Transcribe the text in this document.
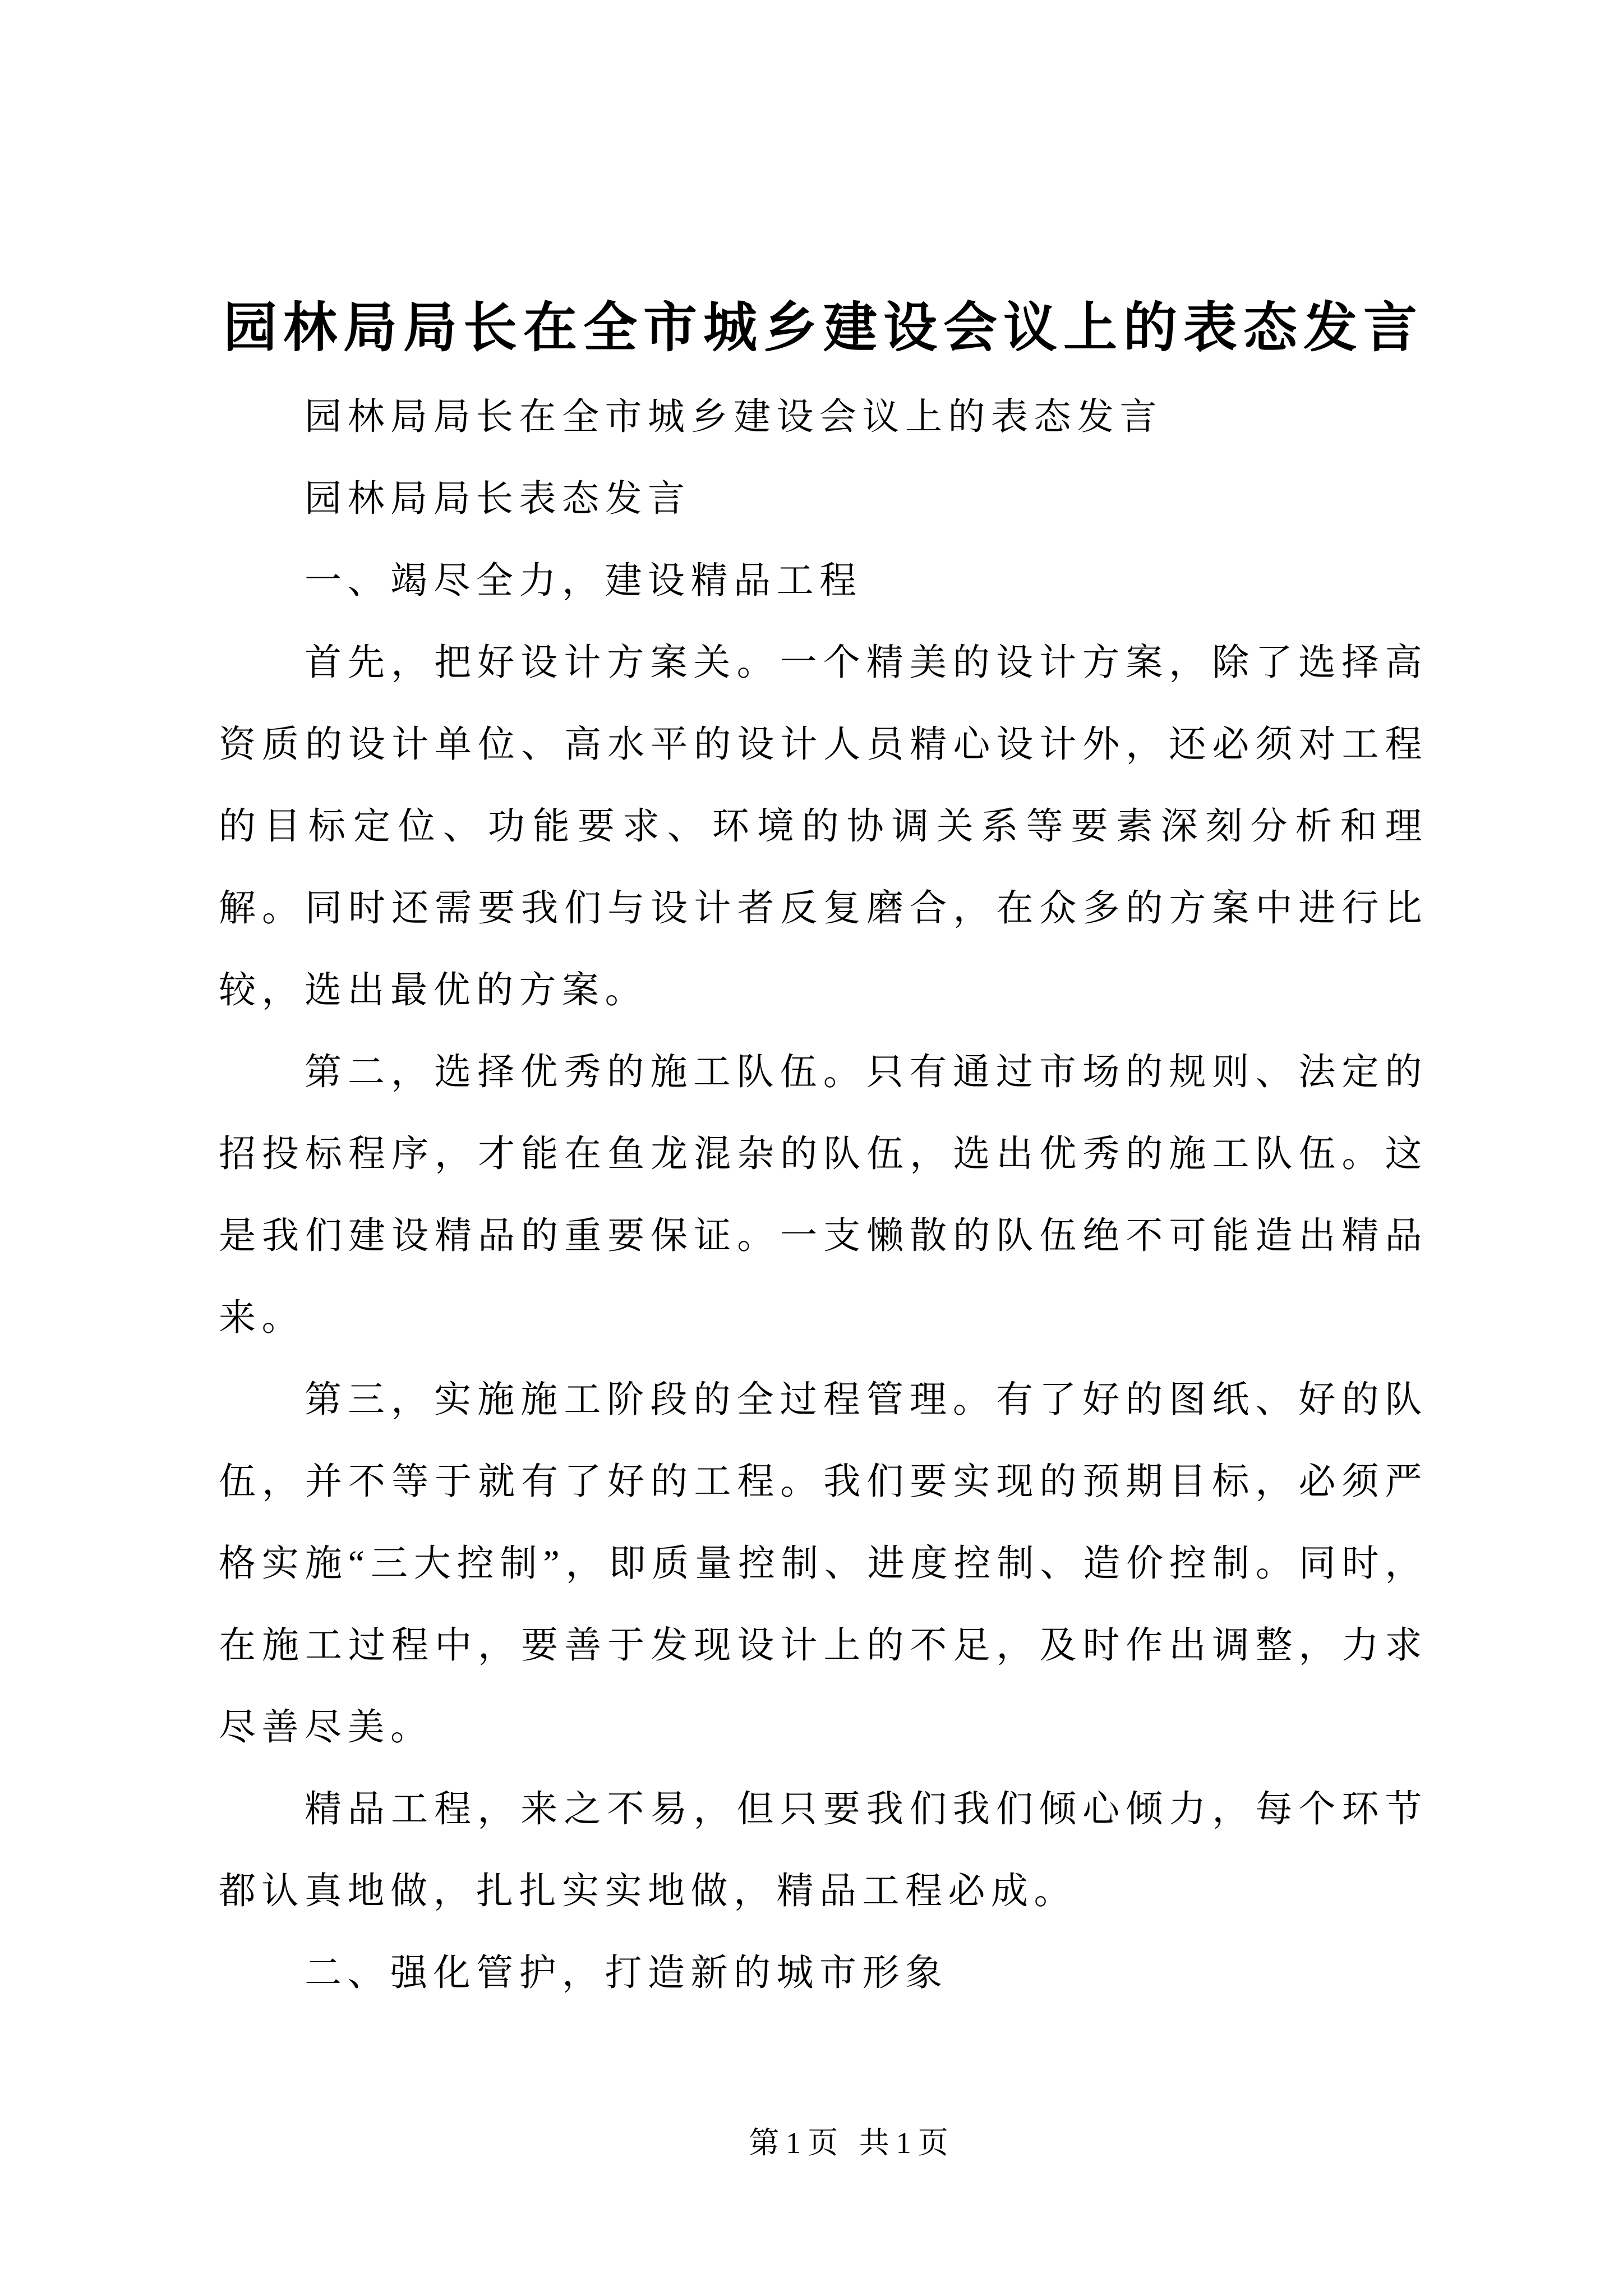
园林局局长在全市城乡建设会议上的表态发言

园林局局长在全市城乡建设会议上的表态发言

园林局局长表态发言

一、竭尽全力，建设精品工程

首先，把好设计方案关。一个精美的设计方案，除了选择高资质的设计单位、高水平的设计人员精心设计外，还必须对工程的目标定位、功能要求、环境的协调关系等要素深刻分析和理解。同时还需要我们与设计者反复磨合，在众多的方案中进行比较，选出最优的方案。

第二，选择优秀的施工队伍。只有通过市场的规则、法定的招投标程序，才能在鱼龙混杂的队伍，选出优秀的施工队伍。这是我们建设精品的重要保证。一支懒散的队伍绝不可能造出精品来。

第三，实施施工阶段的全过程管理。有了好的图纸、好的队伍，并不等于就有了好的工程。我们要实现的预期目标，必须严格实施“三大控制”，即质量控制、进度控制、造价控制。同时，在施工过程中，要善于发现设计上的不足，及时作出调整，力求尽善尽美。

精品工程，来之不易，但只要我们我们倾心倾力，每个环节都认真地做，扎扎实实地做，精品工程必成。

二、强化管护，打造新的城市形象

第1页 共1页
